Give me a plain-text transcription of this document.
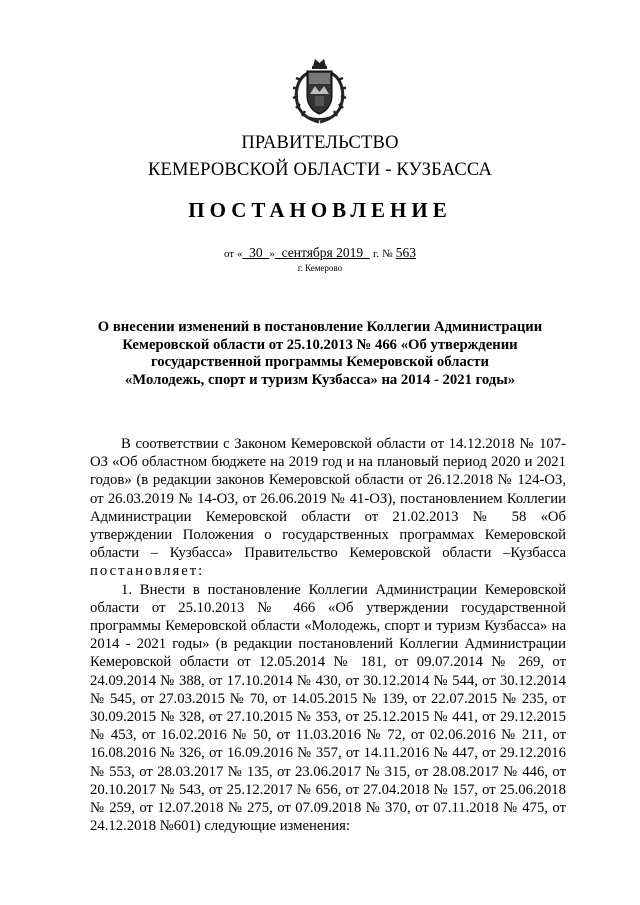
ПРАВИТЕЛЬСТВО
КЕМЕРОВСКОЙ ОБЛАСТИ - КУЗБАССА
ПОСТАНОВЛЕНИЕ
от « 30 » сентября 2019 г. № 563
г. Кемерово
О внесении изменений в постановление Коллегии Администрации
Кемеровской области от 25.10.2013 № 466 «Об утверждении
государственной программы Кемеровской области
«Молодежь, спорт и туризм Кузбасса» на 2014 - 2021 годы»

В соответствии с Законом Кемеровской области от 14.12.2018 № 107-ОЗ «Об областном бюджете на 2019 год и на плановый период 2020 и 2021 годов» (в редакции законов Кемеровской области от 26.12.2018 № 124-ОЗ, от 26.03.2019 № 14-ОЗ, от 26.06.2019 № 41-ОЗ), постановлением Коллегии Администрации Кемеровской области от 21.02.2013 № 58 «Об утверждении Положения о государственных программах Кемеровской области – Кузбасса» Правительство Кемеровской области –Кузбасса постановляет:

1. Внести в постановление Коллегии Администрации Кемеровской области от 25.10.2013 № 466 «Об утверждении государственной программы Кемеровской области «Молодежь, спорт и туризм Кузбасса» на 2014 - 2021 годы» (в редакции постановлений Коллегии Администрации Кемеровской области от 12.05.2014 № 181, от 09.07.2014 № 269, от 24.09.2014 № 388, от 17.10.2014 № 430, от 30.12.2014 № 544, от 30.12.2014 № 545, от 27.03.2015 № 70, от 14.05.2015 № 139, от 22.07.2015 № 235, от 30.09.2015 № 328, от 27.10.2015 № 353, от 25.12.2015 № 441, от 29.12.2015 № 453, от 16.02.2016 № 50, от 11.03.2016 № 72, от 02.06.2016 № 211, от 16.08.2016 № 326, от 16.09.2016 № 357, от 14.11.2016 № 447, от 29.12.2016 № 553, от 28.03.2017 № 135, от 23.06.2017 № 315, от 28.08.2017 № 446, от 20.10.2017 № 543, от 25.12.2017 № 656, от 27.04.2018 № 157, от 25.06.2018 № 259, от 12.07.2018 № 275, от 07.09.2018 № 370, от 07.11.2018 № 475, от 24.12.2018 №601) следующие изменения:
